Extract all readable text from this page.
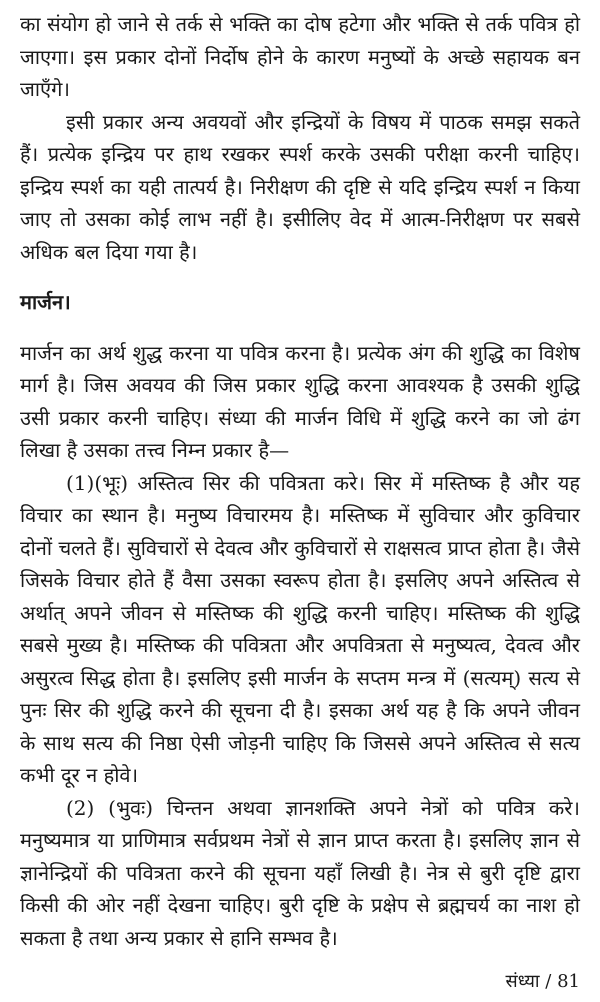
का संयोग हो जाने से तर्क से भक्ति का दोष हटेगा और भक्ति से तर्क पवित्र हो जाएगा। इस प्रकार दोनों निर्दोष होने के कारण मनुष्यों के अच्छे सहायक बन जाएँगे।

इसी प्रकार अन्य अवयवों और इन्द्रियों के विषय में पाठक समझ सकते हैं। प्रत्येक इन्द्रिय पर हाथ रखकर स्पर्श करके उसकी परीक्षा करनी चाहिए। इन्द्रिय स्पर्श का यही तात्पर्य है। निरीक्षण की दृष्टि से यदि इन्द्रिय स्पर्श न किया जाए तो उसका कोई लाभ नहीं है। इसीलिए वेद में आत्म-निरीक्षण पर सबसे अधिक बल दिया गया है।

मार्जन।

मार्जन का अर्थ शुद्ध करना या पवित्र करना है। प्रत्येक अंग की शुद्धि का विशेष मार्ग है। जिस अवयव की जिस प्रकार शुद्धि करना आवश्यक है उसकी शुद्धि उसी प्रकार करनी चाहिए। संध्या की मार्जन विधि में शुद्धि करने का जो ढंग लिखा है उसका तत्त्व निम्न प्रकार है—

(1)(भूः) अस्तित्व सिर की पवित्रता करे। सिर में मस्तिष्क है और यह विचार का स्थान है। मनुष्य विचारमय है। मस्तिष्क में सुविचार और कुविचार दोनों चलते हैं। सुविचारों से देवत्व और कुविचारों से राक्षसत्व प्राप्त होता है। जैसे जिसके विचार होते हैं वैसा उसका स्वरूप होता है। इसलिए अपने अस्तित्व से अर्थात् अपने जीवन से मस्तिष्क की शुद्धि करनी चाहिए। मस्तिष्क की शुद्धि सबसे मुख्य है। मस्तिष्क की पवित्रता और अपवित्रता से मनुष्यत्व, देवत्व और असुरत्व सिद्ध होता है। इसलिए इसी मार्जन के सप्तम मन्त्र में (सत्यम्) सत्य से पुनः सिर की शुद्धि करने की सूचना दी है। इसका अर्थ यह है कि अपने जीवन के साथ सत्य की निष्ठा ऐसी जोड़नी चाहिए कि जिससे अपने अस्तित्व से सत्य कभी दूर न होवे।

(2) (भुवः) चिन्तन अथवा ज्ञानशक्ति अपने नेत्रों को पवित्र करे। मनुष्यमात्र या प्राणिमात्र सर्वप्रथम नेत्रों से ज्ञान प्राप्त करता है। इसलिए ज्ञान से ज्ञानेन्द्रियों की पवित्रता करने की सूचना यहाँ लिखी है। नेत्र से बुरी दृष्टि द्वारा किसी की ओर नहीं देखना चाहिए। बुरी दृष्टि के प्रक्षेप से ब्रह्मचर्य का नाश हो सकता है तथा अन्य प्रकार से हानि सम्भव है।

संध्या / 81
